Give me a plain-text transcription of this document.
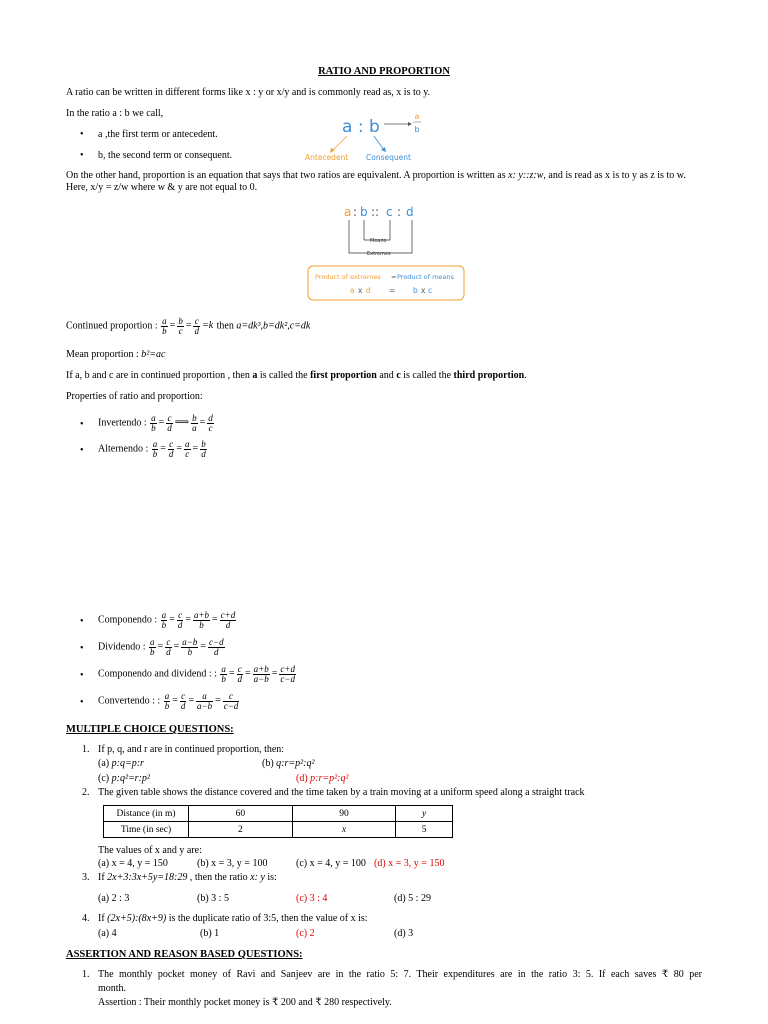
RATIO AND PROPORTION
A ratio can be written in different forms like x : y or x/y and is commonly read as, x is to y.
In the ratio a : b we call,
• a ,the first term or antecedent.
• b, the second term or consequent.
a : b
a
b
Antecedent Consequent
On the other hand, proportion is an equation that says that two ratios are equivalent. A proportion is written as x: y::z:w, and is read as x is to y as z is to w. Here, x/y = z/w where w & y are not equal to 0.
a : b :: c : d
Means
Extremes
Product of extremes = Product of means
a x d = b x c
Continued proportion : $\frac{a}{b} = \frac{b}{c} = \frac{c}{d} =k$ then a=dk³,b=dk²,c=dk
Mean proportion : b²=ac
If a, b and c are in continued proportion , then a is called the first proportion and c is called the third proportion.
Properties of ratio and proportion:
• Invertendo : $\frac{a}{b} = \frac{c}{d}$ ⟹ $\frac{b}{a} = \frac{d}{c}$
• Alternendo : $\frac{a}{b} = \frac{c}{d} = \frac{a}{c} = \frac{b}{d}$
• Componendo : $\frac{a}{b} = \frac{c}{d} = \frac{a+b}{b} = \frac{c+d}{d}$
• Dividendo : $\frac{a}{b} = \frac{c}{d} = \frac{a-b}{b} = \frac{c-d}{d}$
• Componendo and dividend : : $\frac{a}{b} = \frac{c}{d} = \frac{a+b}{a-b} = \frac{c+d}{c-d}$
• Convertendo : : $\frac{a}{b} = \frac{c}{d} = \frac{a}{a-b} = \frac{c}{c-d}$
MULTIPLE CHOICE QUESTIONS:
1. If p, q, and r are in continued proportion, then:
(a) p:q=p:r	(b) q:r=p²:q²
(c) p:q²=r:p²	(d) p:r=p²:q²
2. The given table shows the distance covered and the time taken by a train moving at a uniform speed along a straight track
Distance (in m)	60	90	y
Time (in sec)	2	x	5
The values of x and y are:
(a) x = 4, y = 150	(b) x = 3, y = 100	(c) x = 4, y = 100 (d) x = 3, y = 150
3. If 2x+3:3x+5y=18:29 , then the ratio x: y is:
(a) 2 : 3	(b) 3 : 5	(c) 3 : 4	(d) 5 : 29
4. If (2x+5):(8x+9) is the duplicate ratio of 3:5, then the value of x is:
(a) 4	(b) 1	(c) 2	(d) 3
ASSERTION AND REASON BASED QUESTIONS:
1. The monthly pocket money of Ravi and Sanjeev are in the ratio 5: 7. Their expenditures are in the ratio 3: 5. If each saves ₹ 80 per
month.
Assertion : Their monthly pocket money is ₹ 200 and ₹ 280 respectively.
